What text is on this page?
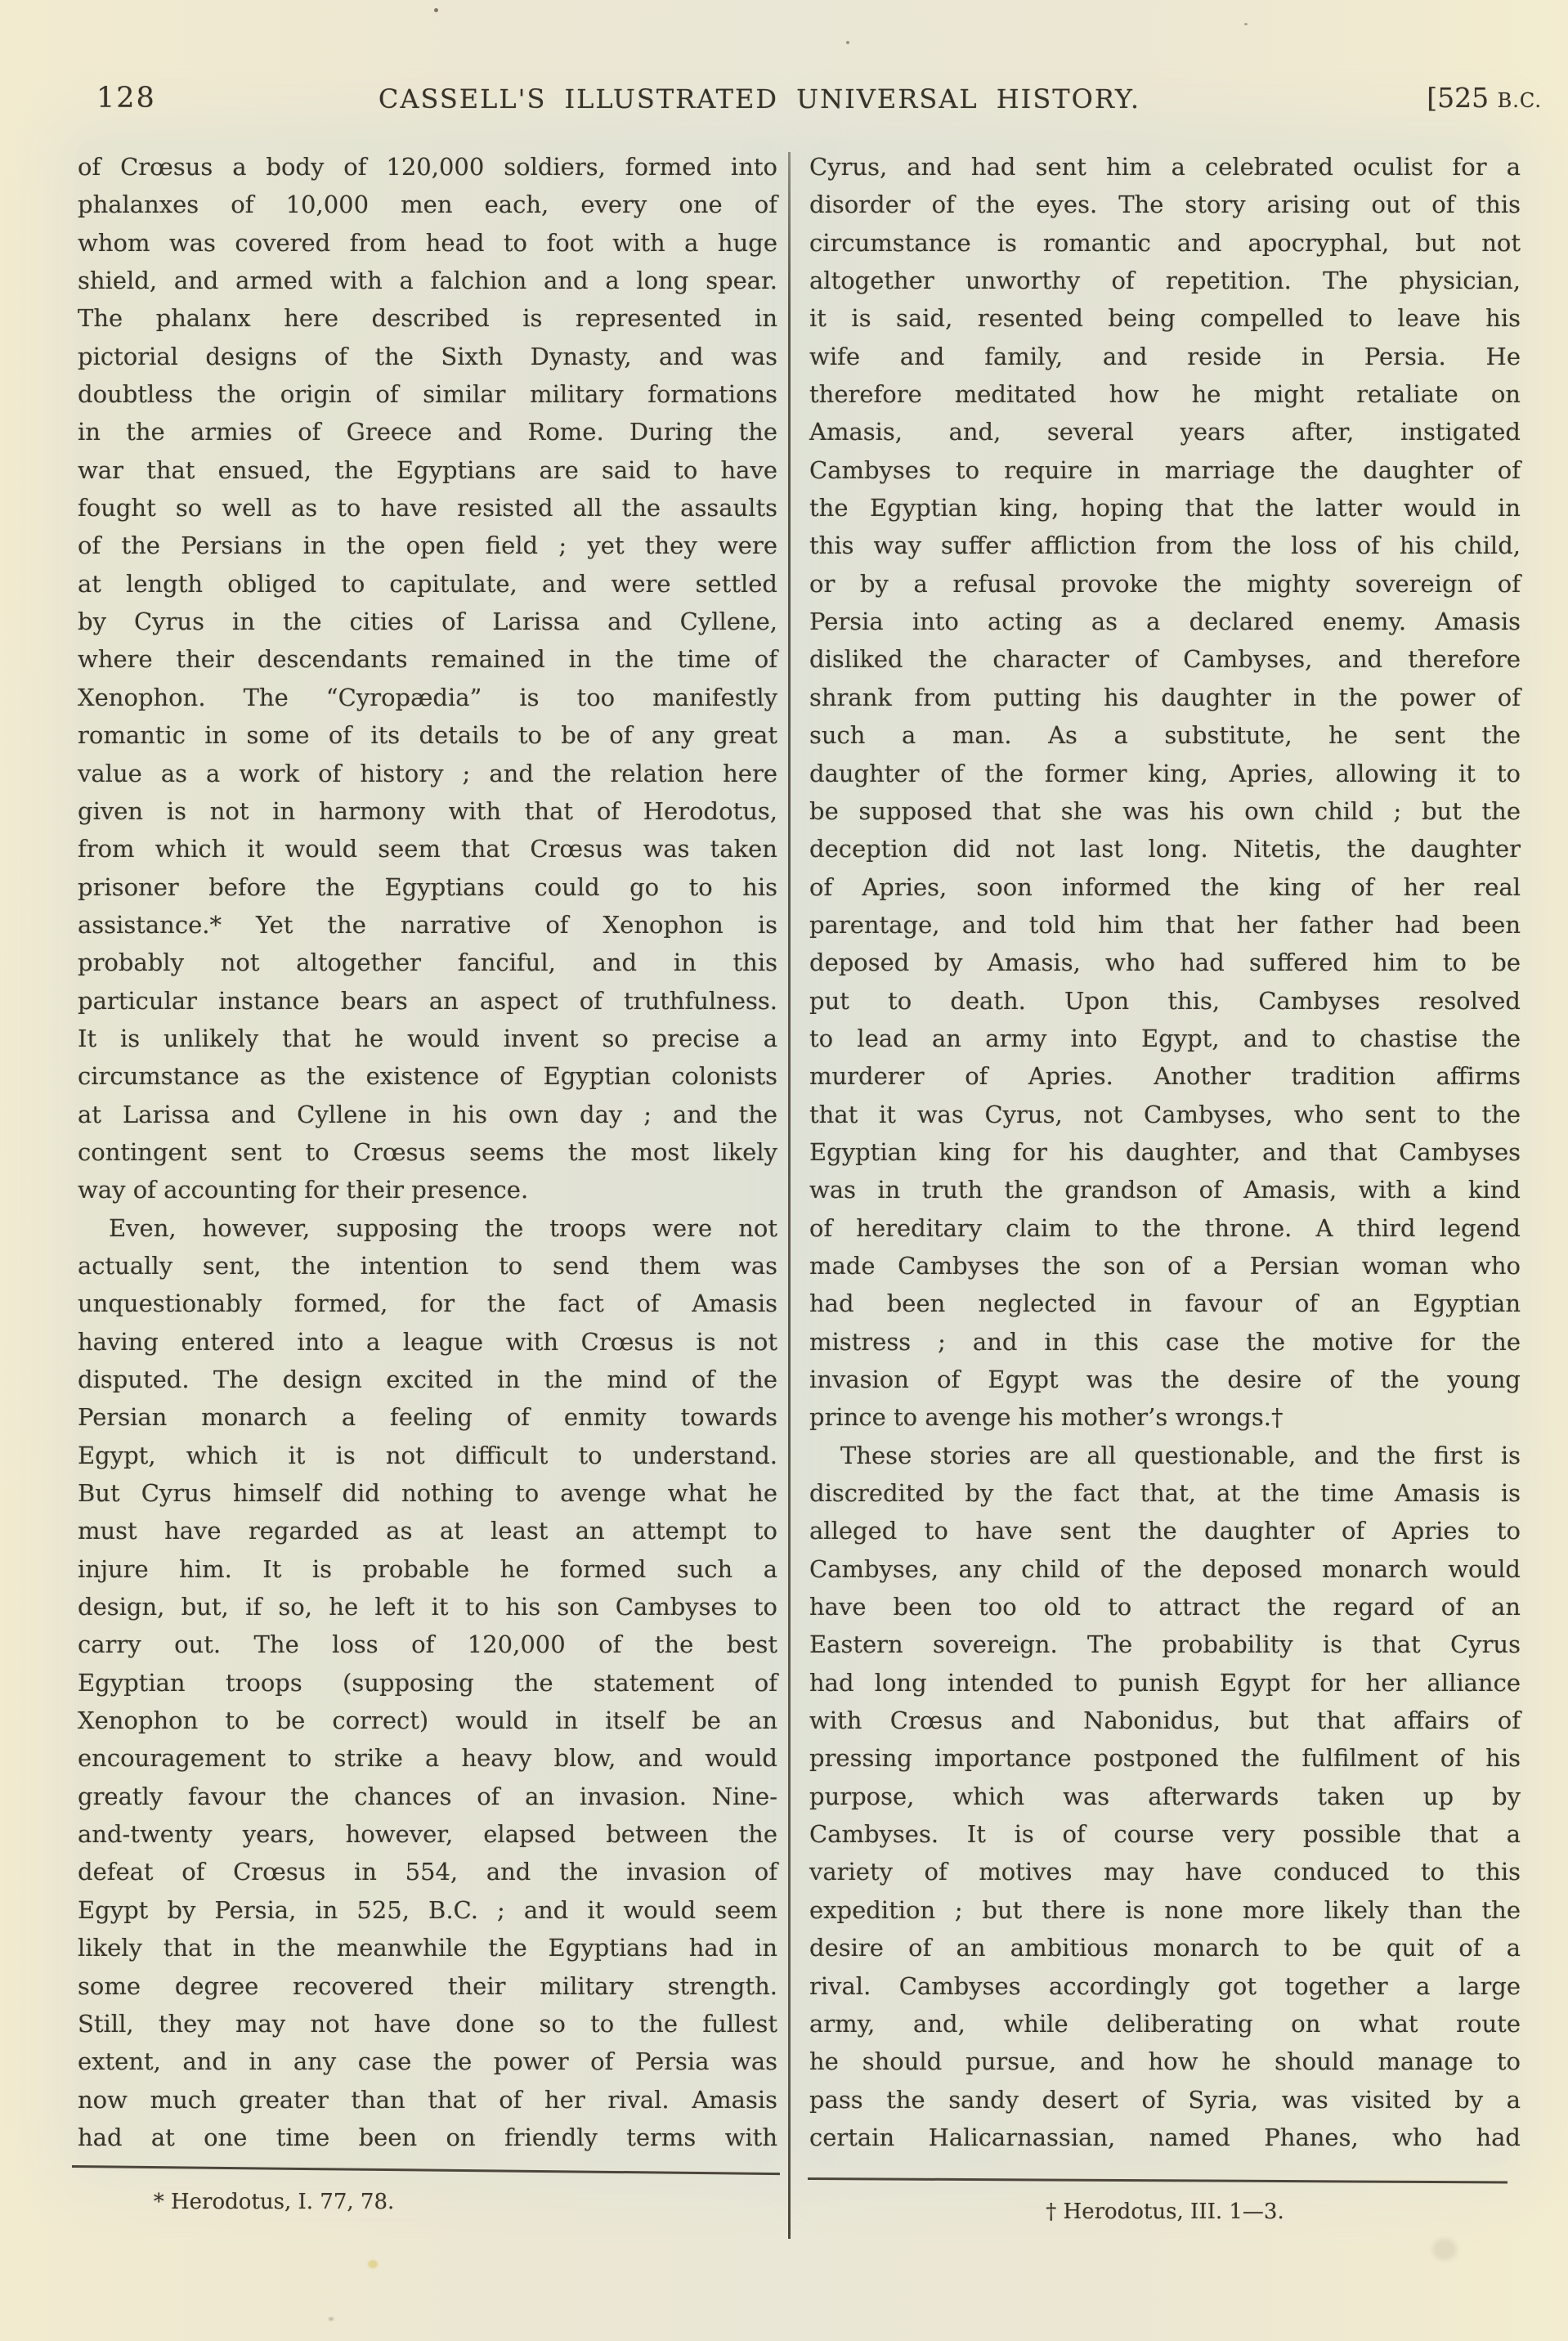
128	CASSELL'S ILLUSTRATED UNIVERSAL HISTORY.	[525 B.C.
of Crœsus a body of 120,000 soldiers, formed into
phalanxes of 10,000 men each, every one of
whom was covered from head to foot with a huge
shield, and armed with a falchion and a long spear.
The phalanx here described is represented in
pictorial designs of the Sixth Dynasty, and was
doubtless the origin of similar military formations
in the armies of Greece and Rome. During the
war that ensued, the Egyptians are said to have
fought so well as to have resisted all the assaults
of the Persians in the open field ; yet they were
at length obliged to capitulate, and were settled
by Cyrus in the cities of Larissa and Cyllene,
where their descendants remained in the time of
Xenophon. The “Cyropædia” is too manifestly
romantic in some of its details to be of any great
value as a work of history ; and the relation here
given is not in harmony with that of Herodotus,
from which it would seem that Crœsus was taken
prisoner before the Egyptians could go to his
assistance.* Yet the narrative of Xenophon is
probably not altogether fanciful, and in this
particular instance bears an aspect of truthfulness.
It is unlikely that he would invent so precise a
circumstance as the existence of Egyptian colonists
at Larissa and Cyllene in his own day ; and the
contingent sent to Crœsus seems the most likely
way of accounting for their presence.
Even, however, supposing the troops were not
actually sent, the intention to send them was
unquestionably formed, for the fact of Amasis
having entered into a league with Crœsus is not
disputed. The design excited in the mind of the
Persian monarch a feeling of enmity towards
Egypt, which it is not difficult to understand.
But Cyrus himself did nothing to avenge what he
must have regarded as at least an attempt to
injure him. It is probable he formed such a
design, but, if so, he left it to his son Cambyses to
carry out. The loss of 120,000 of the best
Egyptian troops (supposing the statement of
Xenophon to be correct) would in itself be an
encouragement to strike a heavy blow, and would
greatly favour the chances of an invasion. Nine-
and-twenty years, however, elapsed between the
defeat of Crœsus in 554, and the invasion of
Egypt by Persia, in 525, B.C. ; and it would seem
likely that in the meanwhile the Egyptians had in
some degree recovered their military strength.
Still, they may not have done so to the fullest
extent, and in any case the power of Persia was
now much greater than that of her rival. Amasis
had at one time been on friendly terms with
Cyrus, and had sent him a celebrated oculist for a
disorder of the eyes. The story arising out of this
circumstance is romantic and apocryphal, but not
altogether unworthy of repetition. The physician,
it is said, resented being compelled to leave his
wife and family, and reside in Persia. He
therefore meditated how he might retaliate on
Amasis, and, several years after, instigated
Cambyses to require in marriage the daughter of
the Egyptian king, hoping that the latter would in
this way suffer affliction from the loss of his child,
or by a refusal provoke the mighty sovereign of
Persia into acting as a declared enemy. Amasis
disliked the character of Cambyses, and therefore
shrank from putting his daughter in the power of
such a man. As a substitute, he sent the
daughter of the former king, Apries, allowing it to
be supposed that she was his own child ; but the
deception did not last long. Nitetis, the daughter
of Apries, soon informed the king of her real
parentage, and told him that her father had been
deposed by Amasis, who had suffered him to be
put to death. Upon this, Cambyses resolved
to lead an army into Egypt, and to chastise the
murderer of Apries. Another tradition affirms
that it was Cyrus, not Cambyses, who sent to the
Egyptian king for his daughter, and that Cambyses
was in truth the grandson of Amasis, with a kind
of hereditary claim to the throne. A third legend
made Cambyses the son of a Persian woman who
had been neglected in favour of an Egyptian
mistress ; and in this case the motive for the
invasion of Egypt was the desire of the young
prince to avenge his mother’s wrongs.†
These stories are all questionable, and the first is
discredited by the fact that, at the time Amasis is
alleged to have sent the daughter of Apries to
Cambyses, any child of the deposed monarch would
have been too old to attract the regard of an
Eastern sovereign. The probability is that Cyrus
had long intended to punish Egypt for her alliance
with Crœsus and Nabonidus, but that affairs of
pressing importance postponed the fulfilment of his
purpose, which was afterwards taken up by
Cambyses. It is of course very possible that a
variety of motives may have conduced to this
expedition ; but there is none more likely than the
desire of an ambitious monarch to be quit of a
rival. Cambyses accordingly got together a large
army, and, while deliberating on what route
he should pursue, and how he should manage to
pass the sandy desert of Syria, was visited by a
certain Halicarnassian, named Phanes, who had
* Herodotus, I. 77, 78.	† Herodotus, III. 1—3.
